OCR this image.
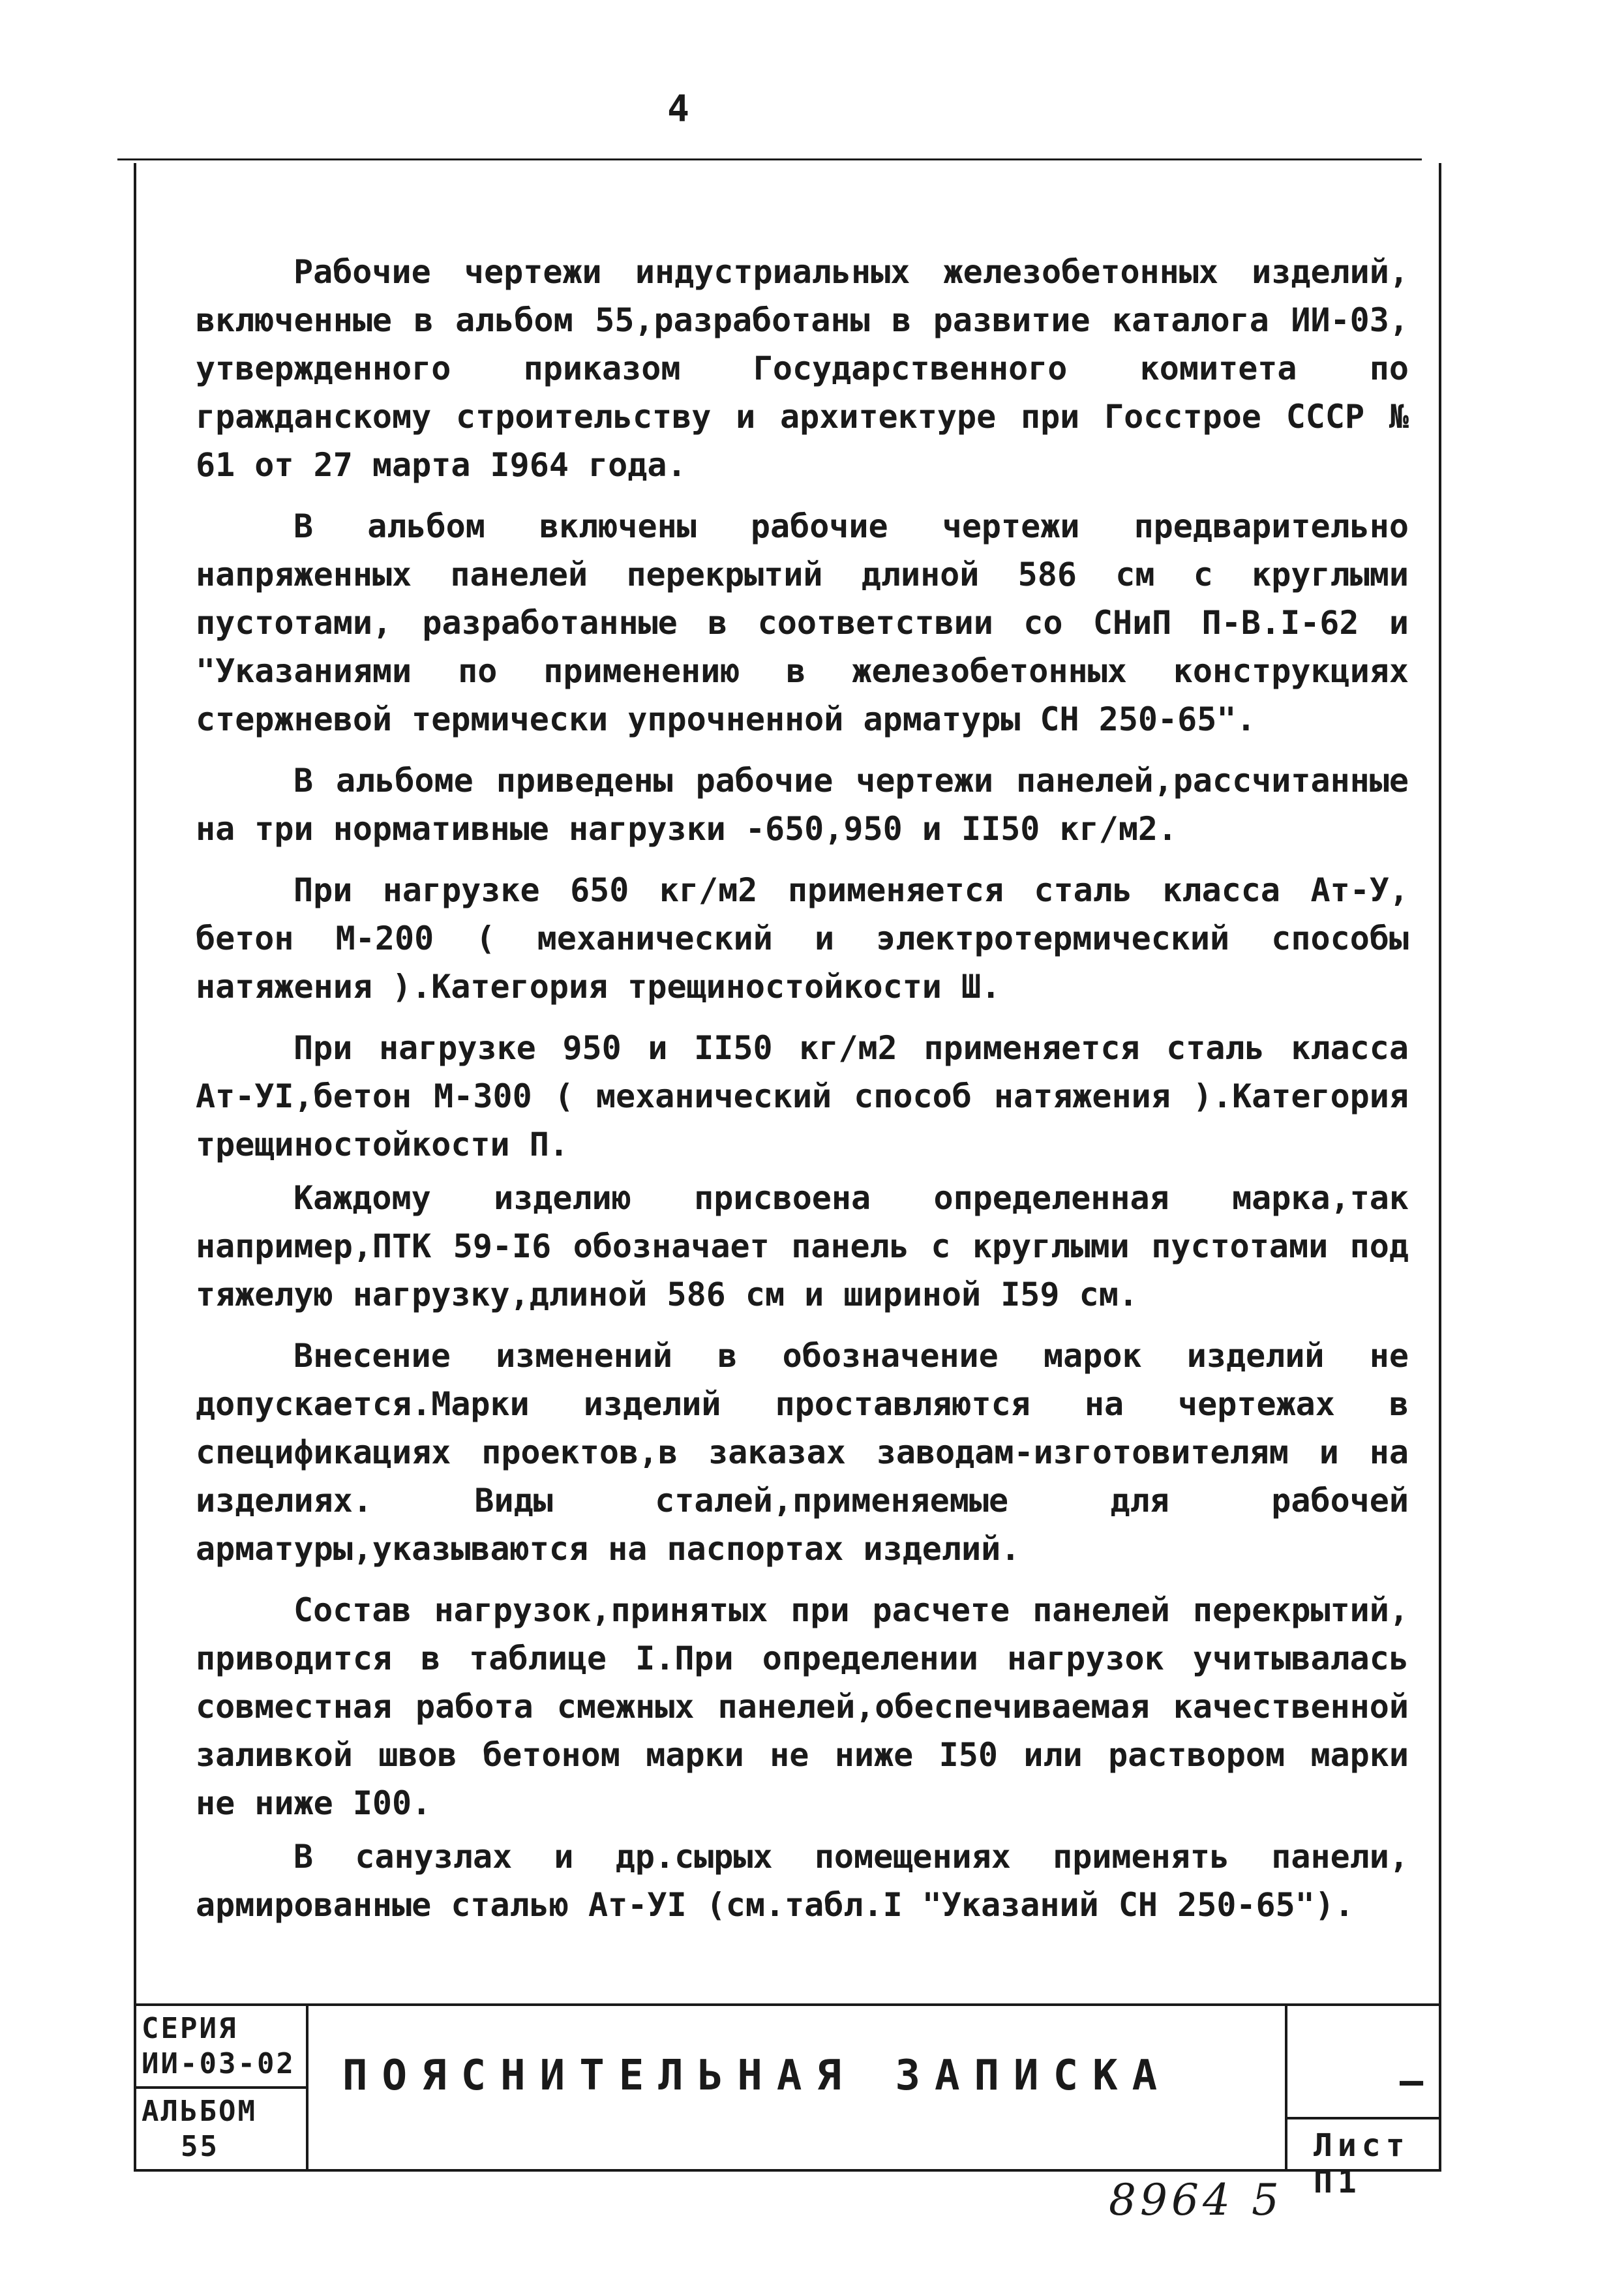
4

Рабочие чертежи индустриальных железобетонных изделий, включенные в альбом 55,разработаны в развитие каталога ИИ-03, утвержденного приказом Государственного комитета по гражданскому строительству и архитектуре при Госстрое СССР № 61 от 27 марта I964 года.

В альбом включены рабочие чертежи предварительно напряженных панелей перекрытий длиной 586 см с круглыми пустотами, разработанные в соответствии со СНиП П-В.I-62 и "Указаниями по применению в железобетонных конструкциях стержневой термически упрочненной арматуры СН 250-65".

В альбоме приведены рабочие чертежи панелей,рассчитанные на три нормативные нагрузки -650,950 и II50 кг/м2.

При нагрузке 650 кг/м2 применяется сталь класса Ат-У, бетон М-200 ( механический и электротермический способы натяжения ).Категория трещиностойкости Ш.

При нагрузке 950 и II50 кг/м2 применяется сталь класса Ат-УI,бетон М-300 ( механический способ натяжения ).Категория трещиностойкости П.

Каждому изделию присвоена определенная марка,так например,ПТК 59-I6 обозначает панель с круглыми пустотами под тяжелую нагрузку,длиной 586 см и шириной I59 см.

Внесение изменений в обозначение марок изделий не допускается.Марки изделий проставляются на чертежах в спецификациях проектов,в заказах заводам-изготовителям и на изделиях. Виды сталей,применяемые для рабочей арматуры,указываются на паспортах изделий.

Состав нагрузок,принятых при расчете панелей перекрытий, приводится в таблице I.При определении нагрузок учитывалась совместная работа смежных панелей,обеспечиваемая качественной заливкой швов бетоном марки не ниже I50 или раствором марки не ниже I00.

В санузлах и др.сырых помещениях применять панели, армированные сталью Ат-УI (см.табл.I "Указаний СН 250-65").

СЕРИЯ
ИИ-03-02
АЛЬБОМ
55
ПОЯСНИТЕЛЬНАЯ ЗАПИСКА	—
Лист П1
8964 5
